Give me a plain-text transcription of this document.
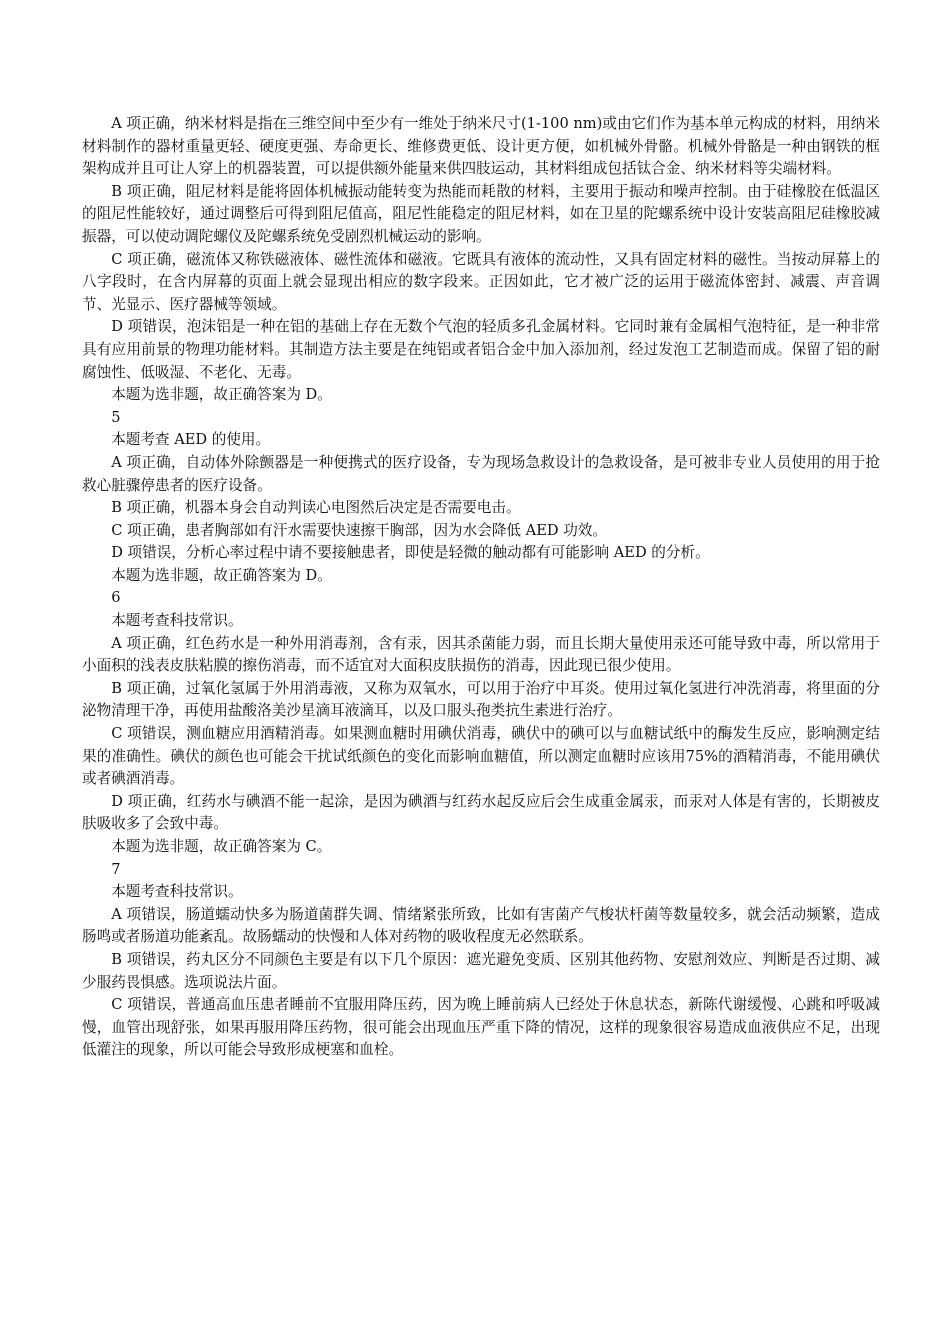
A 项正确，纳米材料是指在三维空间中至少有一维处于纳米尺寸(1-100 nm)或由它们作为基本单元构成的材料，用纳米材料制作的器材重量更轻、硬度更强、寿命更长、维修费更低、设计更方便，如机械外骨骼。机械外骨骼是一种由钢铁的框架构成并且可让人穿上的机器装置，可以提供额外能量来供四肢运动，其材料组成包括钛合金、纳米材料等尖端材料。

B 项正确，阻尼材料是能将固体机械振动能转变为热能而耗散的材料，主要用于振动和噪声控制。由于硅橡胶在低温区的阻尼性能较好，通过调整后可得到阻尼值高，阻尼性能稳定的阻尼材料，如在卫星的陀螺系统中设计安装高阻尼硅橡胶减振器，可以使动调陀螺仪及陀螺系统免受剧烈机械运动的影响。

C 项正确，磁流体又称铁磁液体、磁性流体和磁液。它既具有液体的流动性，又具有固定材料的磁性。当按动屏幕上的八字段时，在含内屏幕的页面上就会显现出相应的数字段来。正因如此，它才被广泛的运用于磁流体密封、减震、声音调节、光显示、医疗器械等领域。

D 项错误，泡沫铝是一种在铝的基础上存在无数个气泡的轻质多孔金属材料。它同时兼有金属相气泡特征，是一种非常具有应用前景的物理功能材料。其制造方法主要是在纯铝或者铝合金中加入添加剂，经过发泡工艺制造而成。保留了铝的耐腐蚀性、低吸湿、不老化、无毒。

本题为选非题，故正确答案为 D。

5

本题考查 AED 的使用。

A 项正确，自动体外除颤器是一种便携式的医疗设备，专为现场急救设计的急救设备，是可被非专业人员使用的用于抢救心脏骤停患者的医疗设备。

B 项正确，机器本身会自动判读心电图然后决定是否需要电击。

C 项正确，患者胸部如有汗水需要快速擦干胸部，因为水会降低 AED 功效。

D 项错误，分析心率过程中请不要接触患者，即使是轻微的触动都有可能影响 AED 的分析。

本题为选非题，故正确答案为 D。

6

本题考查科技常识。

A 项正确，红色药水是一种外用消毒剂，含有汞，因其杀菌能力弱，而且长期大量使用汞还可能导致中毒，所以常用于小面积的浅表皮肤粘膜的擦伤消毒，而不适宜对大面积皮肤损伤的消毒，因此现已很少使用。

B 项正确，过氧化氢属于外用消毒液，又称为双氧水，可以用于治疗中耳炎。使用过氧化氢进行冲洗消毒，将里面的分泌物清理干净，再使用盐酸洛美沙星滴耳液滴耳，以及口服头孢类抗生素进行治疗。

C 项错误，测血糖应用酒精消毒。如果测血糖时用碘伏消毒，碘伏中的碘可以与血糖试纸中的酶发生反应，影响测定结果的准确性。碘伏的颜色也可能会干扰试纸颜色的变化而影响血糖值，所以测定血糖时应该用75%的酒精消毒，不能用碘伏或者碘酒消毒。

D 项正确，红药水与碘酒不能一起涂，是因为碘酒与红药水起反应后会生成重金属汞，而汞对人体是有害的，长期被皮肤吸收多了会致中毒。

本题为选非题，故正确答案为 C。

7

本题考查科技常识。

A 项错误，肠道蠕动快多为肠道菌群失调、情绪紧张所致，比如有害菌产气梭状杆菌等数量较多，就会活动频繁，造成肠鸣或者肠道功能紊乱。故肠蠕动的快慢和人体对药物的吸收程度无必然联系。

B 项错误，药丸区分不同颜色主要是有以下几个原因：遮光避免变质、区别其他药物、安慰剂效应、判断是否过期、减少服药畏惧感。选项说法片面。

C 项错误，普通高血压患者睡前不宜服用降压药，因为晚上睡前病人已经处于休息状态，新陈代谢缓慢、心跳和呼吸减慢，血管出现舒张，如果再服用降压药物，很可能会出现血压严重下降的情况，这样的现象很容易造成血液供应不足，出现低灌注的现象，所以可能会导致形成梗塞和血栓。
